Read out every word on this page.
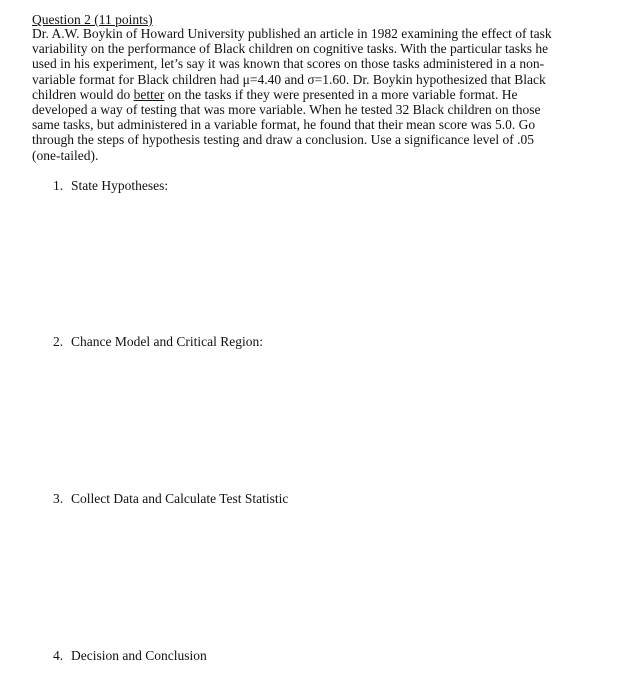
Question 2 (11 points)
Dr. A.W. Boykin of Howard University published an article in 1982 examining the effect of task
variability on the performance of Black children on cognitive tasks. With the particular tasks he
used in his experiment, let’s say it was known that scores on those tasks administered in a non-
variable format for Black children had μ=4.40 and σ=1.60. Dr. Boykin hypothesized that Black
children would do better on the tasks if they were presented in a more variable format. He
developed a way of testing that was more variable. When he tested 32 Black children on those
same tasks, but administered in a variable format, he found that their mean score was 5.0. Go
through the steps of hypothesis testing and draw a conclusion. Use a significance level of .05
(one-tailed).
1. State Hypotheses:
2. Chance Model and Critical Region:
3. Collect Data and Calculate Test Statistic
4. Decision and Conclusion
